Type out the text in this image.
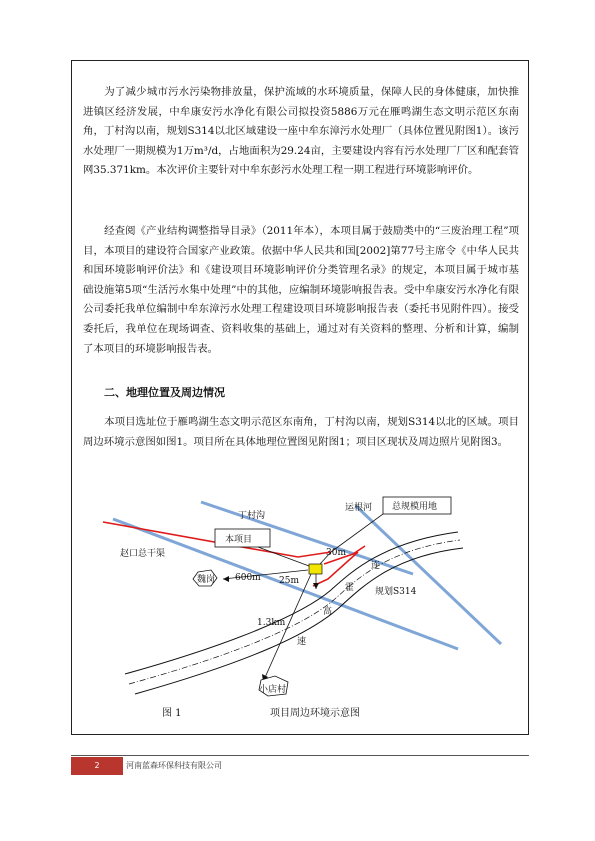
为了减少城市污水污染物排放量，保护流域的水环境质量，保障人民的身体健康，加快推进镇区经济发展，中牟康安污水净化有限公司拟投资5886万元在雁鸣湖生态文明示范区东南角，丁村沟以南，规划S314以北区域建设一座中牟东漳污水处理厂（具体位置见附图1）。该污水处理厂一期规模为1万m³/d，占地面积为29.24亩，主要建设内容有污水处理厂厂区和配套管网35.371km。本次评价主要针对中牟东彭污水处理工程一期工程进行环境影响评价。

经查阅《产业结构调整指导目录》（2011年本），本项目属于鼓励类中的“三废治理工程”项目，本项目的建设符合国家产业政策。依据中华人民共和国[2002]第77号主席令《中华人民共和国环境影响评价法》和《建设项目环境影响评价分类管理名录》的规定，本项目属于城市基础设施第5项“生活污水集中处理”中的其他，应编制环境影响报告表。受中牟康安污水净化有限公司委托我单位编制中牟东漳污水处理工程建设项目环境影响报告表（委托书见附件四）。接受委托后，我单位在现场调查、资料收集的基础上，通过对有关资料的整理、分析和计算，编制了本项目的环境影响报告表。

二、地理位置及周边情况

本项目选址位于雁鸣湖生态文明示范区东南角，丁村沟以南，规划S314以北的区域。项目周边环境示意图如图1。项目所在具体地理位置图见附图1；项目区现状及周边照片见附图3。

丁村沟
运根河 总规模用地
本项目
赵口总干渠
魏岗 600m 25m
30m
1.3km
规划S314
小店村
连
霍
高
速
图 1	项目周边环境示意图
2	河南蓝森环保科技有限公司
